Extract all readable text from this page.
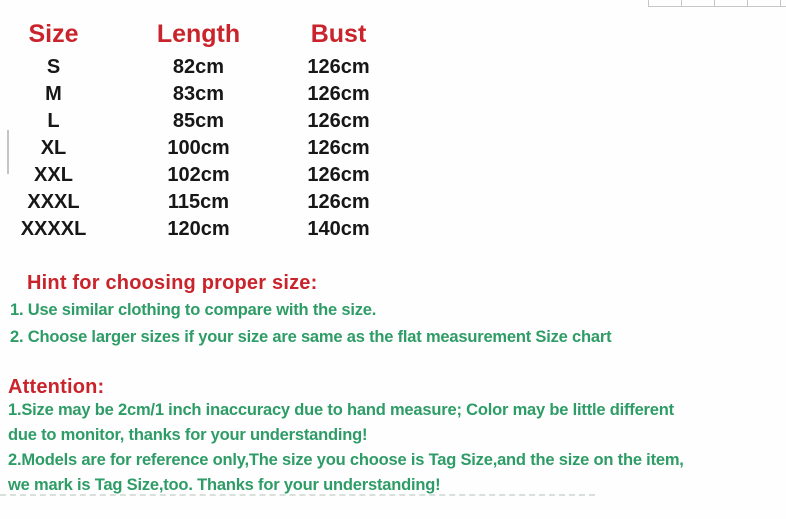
Size	Length	Bust
S	82cm	126cm
M	83cm	126cm
L	85cm	126cm
XL	100cm	126cm
XXL	102cm	126cm
XXXL	115cm	126cm
XXXXL	120cm	140cm
Hint for choosing proper size:
1. Use similar clothing to compare with the size.
2. Choose larger sizes if your size are same as the flat measurement Size chart
Attention:
1.Size may be 2cm/1 inch inaccuracy due to hand measure; Color may be little different
due to monitor, thanks for your understanding!
2.Models are for reference only,The size you choose is Tag Size,and the size on the item,
we mark is Tag Size,too. Thanks for your understanding!
